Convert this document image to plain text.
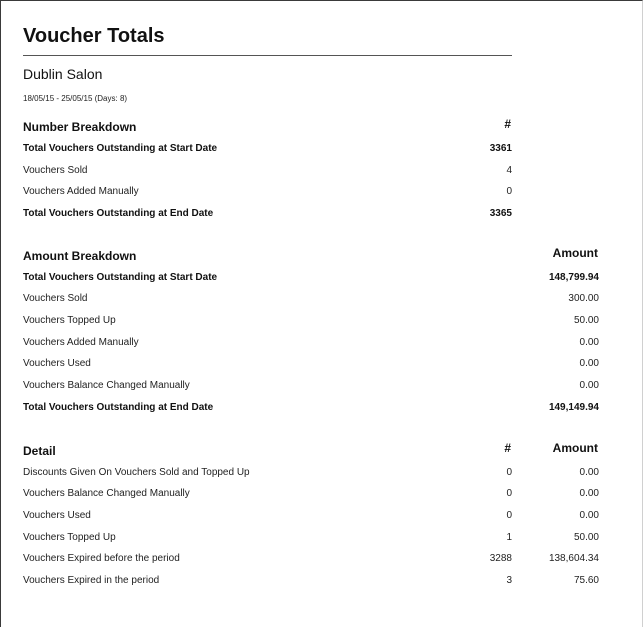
Voucher Totals
Dublin Salon
18/05/15 - 25/05/15 (Days: 8)
Number Breakdown	#
Total Vouchers Outstanding at Start Date	3361
Vouchers Sold	4
Vouchers Added Manually	0
Total Vouchers Outstanding at End Date	3365
Amount Breakdown	Amount
Total Vouchers Outstanding at Start Date	148,799.94
Vouchers Sold	300.00
Vouchers Topped Up	50.00
Vouchers Added Manually	0.00
Vouchers Used	0.00
Vouchers Balance Changed Manually	0.00
Total Vouchers Outstanding at End Date	149,149.94
Detail	#	Amount
Discounts Given On Vouchers Sold and Topped Up	0	0.00
Vouchers Balance Changed Manually	0	0.00
Vouchers Used	0	0.00
Vouchers Topped Up	1	50.00
Vouchers Expired before the period	3288	138,604.34
Vouchers Expired in the period	3	75.60
